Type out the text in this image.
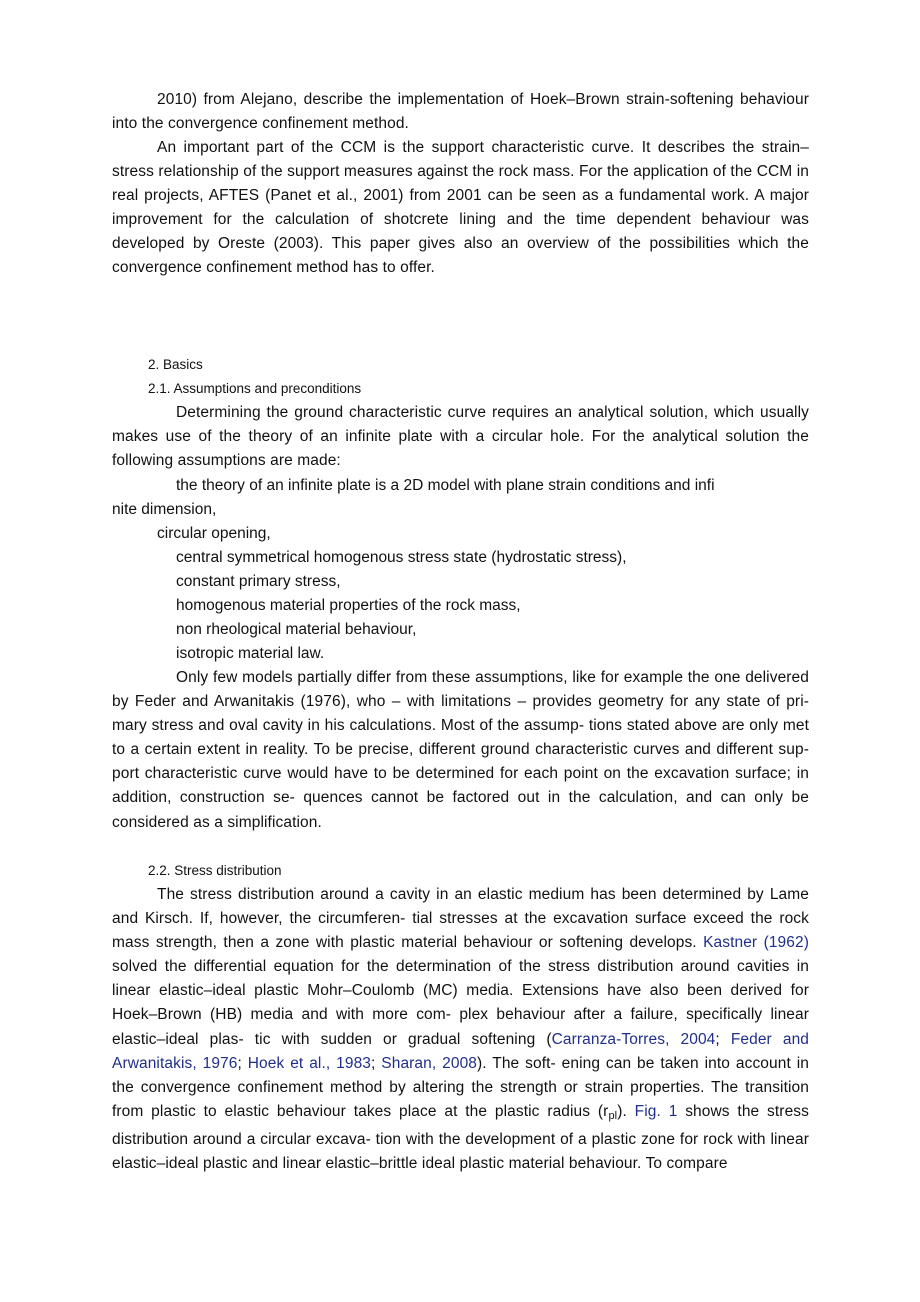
2010) from Alejano, describe the implementation of Hoek–Brown strain-softening behaviour into the convergence confinement method.

An important part of the CCM is the support characteristic curve. It describes the strain–stress relationship of the support measures against the rock mass. For the application of the CCM in real projects, AFTES (Panet et al., 2001) from 2001 can be seen as a fundamental work. A major improvement for the calculation of shotcrete lining and the time dependent behaviour was developed by Oreste (2003). This paper gives also an overview of the possibilities which the convergence confinement method has to offer.

2. Basics
2.1. Assumptions and preconditions

Determining the ground characteristic curve requires an analytical solution, which usually makes use of the theory of an infinite plate with a circular hole. For the analytical solution the following assumptions are made:

the theory of an infinite plate is a 2D model with plane strain conditions and infi
nite dimension,
circular opening,
central symmetrical homogenous stress state (hydrostatic stress),
constant primary stress,
homogenous material properties of the rock mass,
non rheological material behaviour,
isotropic material law.

Only few models partially differ from these assumptions, like for example the one delivered by Feder and Arwanitakis (1976), who – with limitations – provides geometry for any state of pri- mary stress and oval cavity in his calculations. Most of the assump- tions stated above are only met to a certain extent in reality. To be precise, different ground characteristic curves and different sup- port characteristic curve would have to be determined for each point on the excavation surface; in addition, construction se- quences cannot be factored out in the calculation, and can only be considered as a simplification.

2.2. Stress distribution

The stress distribution around a cavity in an elastic medium has been determined by Lame and Kirsch. If, however, the circumferen- tial stresses at the excavation surface exceed the rock mass strength, then a zone with plastic material behaviour or softening develops. Kastner (1962) solved the differential equation for the determination of the stress distribution around cavities in linear elastic–ideal plastic Mohr–Coulomb (MC) media. Extensions have also been derived for Hoek–Brown (HB) media and with more com- plex behaviour after a failure, specifically linear elastic–ideal plas- tic with sudden or gradual softening (Carranza-Torres, 2004; Feder and Arwanitakis, 1976; Hoek et al., 1983; Sharan, 2008). The soft- ening can be taken into account in the convergence confinement method by altering the strength or strain properties. The transition from plastic to elastic behaviour takes place at the plastic radius $(r_{pl})$. Fig. 1 shows the stress distribution around a circular excava- tion with the development of a plastic zone for rock with linear elastic–ideal plastic and linear elastic–brittle ideal plastic material behaviour. To compare
